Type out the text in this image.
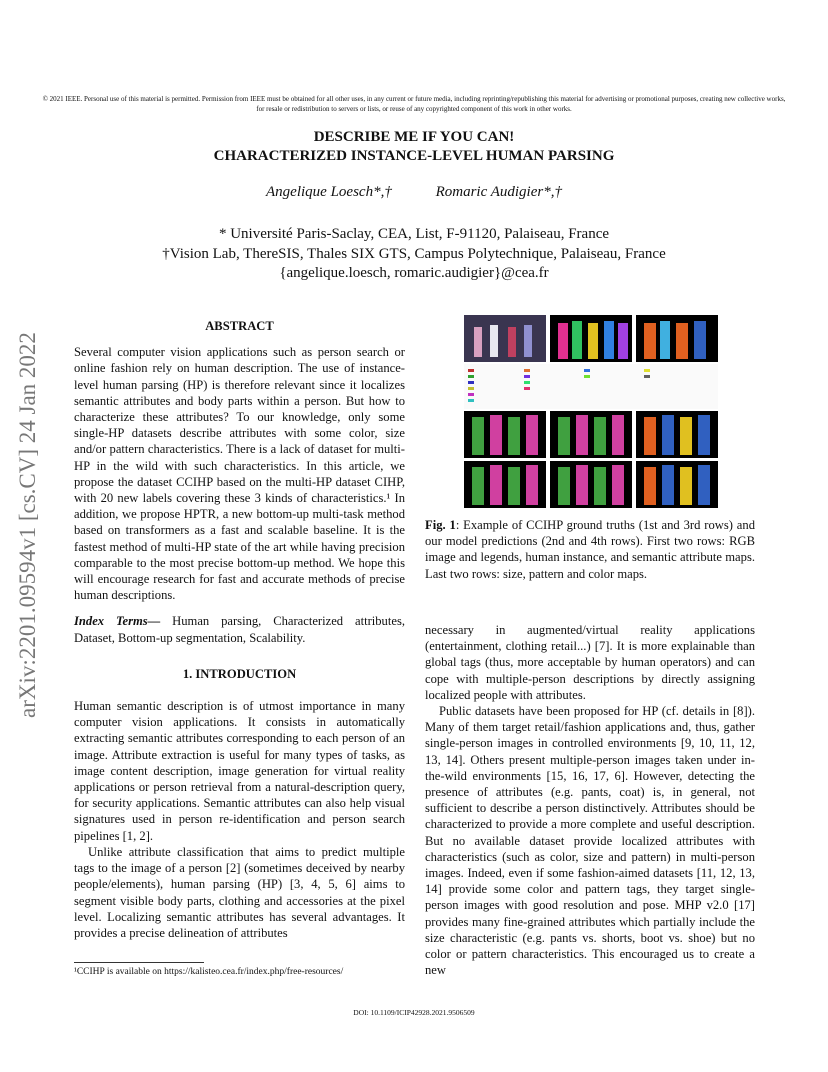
© 2021 IEEE. Personal use of this material is permitted. Permission from IEEE must be obtained for all other uses, in any current or future media, including reprinting/republishing this material for advertising or promotional purposes, creating new collective works, for resale or redistribution to servers or lists, or reuse of any copyrighted component of this work in other works.
DESCRIBE ME IF YOU CAN!
CHARACTERIZED INSTANCE-LEVEL HUMAN PARSING
Angelique Loesch*,†	Romaric Audigier*,†
* Université Paris-Saclay, CEA, List, F-91120, Palaiseau, France
†Vision Lab, ThereSIS, Thales SIX GTS, Campus Polytechnique, Palaiseau, France
{angelique.loesch, romaric.audigier}@cea.fr
arXiv:2201.09594v1 [cs.CV] 24 Jan 2022

ABSTRACT

Several computer vision applications such as person search or online fashion rely on human description. The use of instance-level human parsing (HP) is therefore relevant since it localizes semantic attributes and body parts within a person. But how to characterize these attributes? To our knowledge, only some single-HP datasets describe attributes with some color, size and/or pattern characteristics. There is a lack of dataset for multi-HP in the wild with such characteristics. In this article, we propose the dataset CCIHP based on the multi-HP dataset CIHP, with 20 new labels covering these 3 kinds of characteristics.¹ In addition, we propose HPTR, a new bottom-up multi-task method based on transformers as a fast and scalable baseline. It is the fastest method of multi-HP state of the art while having precision comparable to the most precise bottom-up method. We hope this will encourage research for fast and accurate methods of precise human descriptions.

Index Terms— Human parsing, Characterized attributes, Dataset, Bottom-up segmentation, Scalability.

1. INTRODUCTION

Human semantic description is of utmost importance in many computer vision applications. It consists in automatically extracting semantic attributes corresponding to each person of an image. Attribute extraction is useful for many types of tasks, as image content description, image generation for virtual reality applications or person retrieval from a natural-description query, for security applications. Semantic attributes can also help visual signatures used in person re-identification and person search pipelines [1, 2].

Unlike attribute classification that aims to predict multiple tags to the image of a person [2] (sometimes deceived by nearby people/elements), human parsing (HP) [3, 4, 5, 6] aims to segment visible body parts, clothing and accessories at the pixel level. Localizing semantic attributes has several advantages. It provides a precise delineation of attributes

¹CCIHP is available on https://kalisteo.cea.fr/index.php/free-resources/
Fig. 1: Example of CCIHP ground truths (1st and 3rd rows) and our model predictions (2nd and 4th rows). First two rows: RGB image and legends, human instance, and semantic attribute maps. Last two rows: size, pattern and color maps.

necessary in augmented/virtual reality applications (entertainment, clothing retail...) [7]. It is more explainable than global tags (thus, more acceptable by human operators) and can cope with multiple-person descriptions by directly assigning localized people with attributes.

Public datasets have been proposed for HP (cf. details in [8]). Many of them target retail/fashion applications and, thus, gather single-person images in controlled environments [9, 10, 11, 12, 13, 14]. Others present multiple-person images taken under in-the-wild environments [15, 16, 17, 6]. However, detecting the presence of attributes (e.g. pants, coat) is, in general, not sufficient to describe a person distinctively. Attributes should be characterized to provide a more complete and useful description. But no available dataset provide localized attributes with characteristics (such as color, size and pattern) in multi-person images. Indeed, even if some fashion-aimed datasets [11, 12, 13, 14] provide some color and pattern tags, they target single-person images with good resolution and pose. MHP v2.0 [17] provides many fine-grained attributes which partially include the size characteristic (e.g. pants vs. shorts, boot vs. shoe) but no color or pattern characteristics. This encouraged us to create a new

DOI: 10.1109/ICIP42928.2021.9506509
